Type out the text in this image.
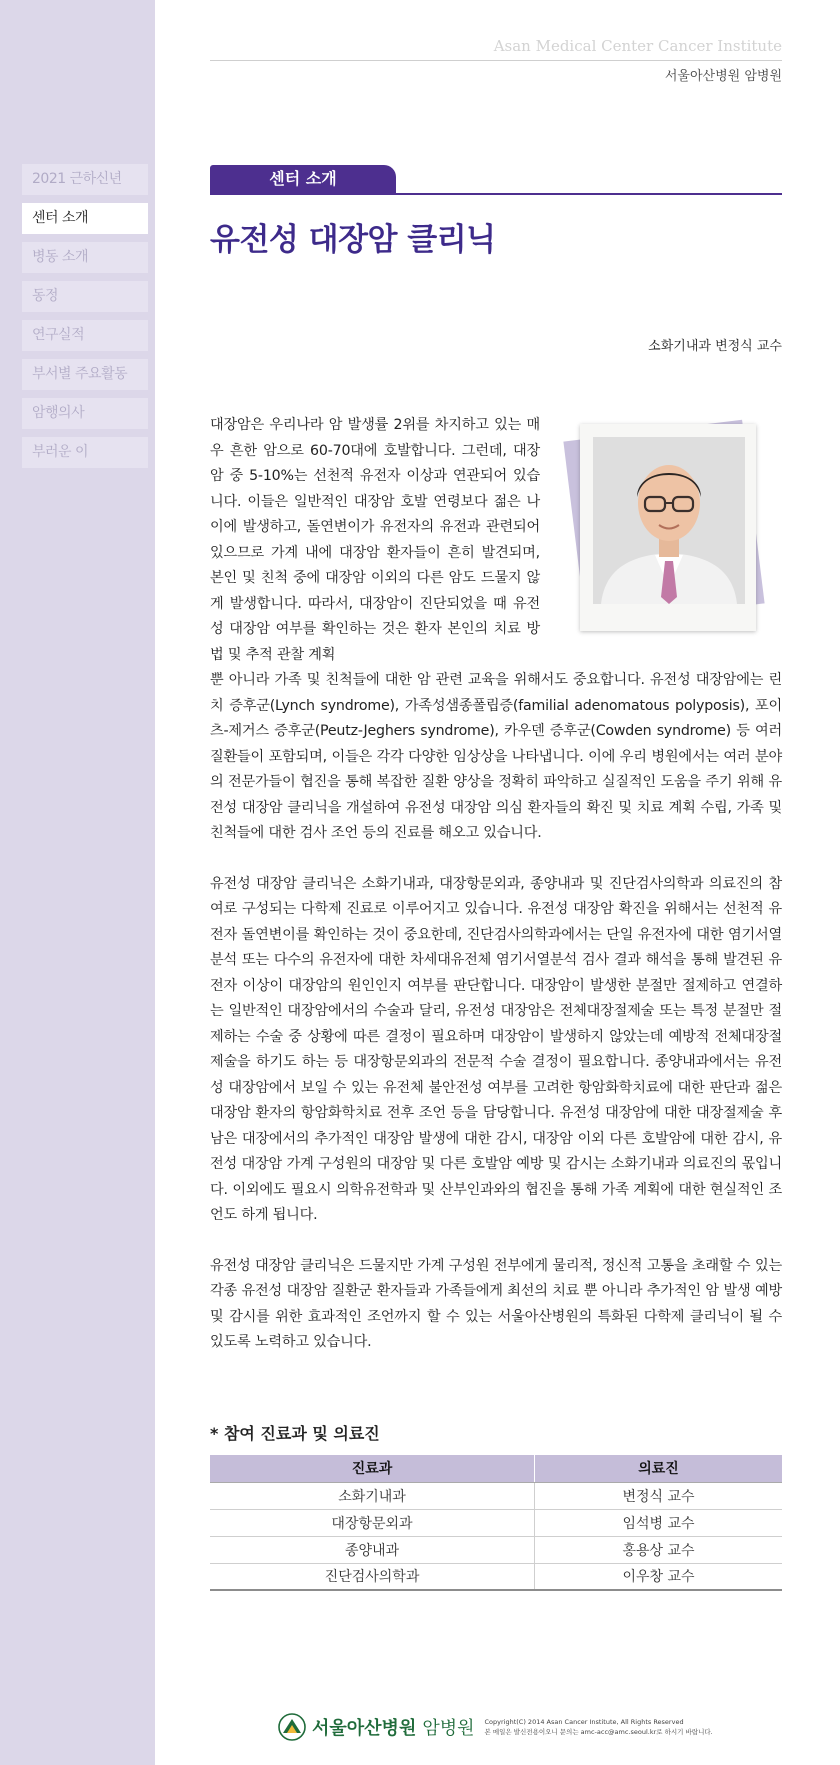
2021 근하신년
센터 소개
병동 소개
동정
연구실적
부서별 주요활동
암행의사
부러운 이
Asan Medical Center Cancer Institute
서울아산병원 암병원
센터 소개
유전성 대장암 클리닉
소화기내과 변정식 교수

대장암은 우리나라 암 발생률 2위를 차지하고 있는 매우 흔한 암으로 60-70대에 호발합니다. 그런데, 대장암 중 5-10%는 선천적 유전자 이상과 연관되어 있습니다. 이들은 일반적인 대장암 호발 연령보다 젊은 나이에 발생하고, 돌연변이가 유전자의 유전과 관련되어 있으므로 가계 내에 대장암 환자들이 흔히 발견되며, 본인 및 친척 중에 대장암 이외의 다른 암도 드물지 않게 발생합니다. 따라서, 대장암이 진단되었을 때 유전성 대장암 여부를 확인하는 것은 환자 본인의 치료 방법 및 추적 관찰 계획
뿐 아니라 가족 및 친척들에 대한 암 관련 교육을 위해서도 중요합니다. 유전성 대장암에는 린치 증후군(Lynch syndrome), 가족성샘종폴립증(familial adenomatous polyposis), 포이츠-제거스 증후군(Peutz-Jeghers syndrome), 카우덴 증후군(Cowden syndrome) 등 여러 질환들이 포함되며, 이들은 각각 다양한 임상상을 나타냅니다. 이에 우리 병원에서는 여러 분야의 전문가들이 협진을 통해 복잡한 질환 양상을 정확히 파악하고 실질적인 도움을 주기 위해 유전성 대장암 클리닉을 개설하여 유전성 대장암 의심 환자들의 확진 및 치료 계획 수립, 가족 및 친척들에 대한 검사 조언 등의 진료를 해오고 있습니다.

유전성 대장암 클리닉은 소화기내과, 대장항문외과, 종양내과 및 진단검사의학과 의료진의 참여로 구성되는 다학제 진료로 이루어지고 있습니다. 유전성 대장암 확진을 위해서는 선천적 유전자 돌연변이를 확인하는 것이 중요한데, 진단검사의학과에서는 단일 유전자에 대한 염기서열분석 또는 다수의 유전자에 대한 차세대유전체 염기서열분석 검사 결과 해석을 통해 발견된 유전자 이상이 대장암의 원인인지 여부를 판단합니다. 대장암이 발생한 분절만 절제하고 연결하는 일반적인 대장암에서의 수술과 달리, 유전성 대장암은 전체대장절제술 또는 특정 분절만 절제하는 수술 중 상황에 따른 결정이 필요하며 대장암이 발생하지 않았는데 예방적 전체대장절제술을 하기도 하는 등 대장항문외과의 전문적 수술 결정이 필요합니다. 종양내과에서는 유전성 대장암에서 보일 수 있는 유전체 불안전성 여부를 고려한 항암화학치료에 대한 판단과 젊은 대장암 환자의 항암화학치료 전후 조언 등을 담당합니다. 유전성 대장암에 대한 대장절제술 후 남은 대장에서의 추가적인 대장암 발생에 대한 감시, 대장암 이외 다른 호발암에 대한 감시, 유전성 대장암 가계 구성원의 대장암 및 다른 호발암 예방 및 감시는 소화기내과 의료진의 몫입니다. 이외에도 필요시 의학유전학과 및 산부인과와의 협진을 통해 가족 계획에 대한 현실적인 조언도 하게 됩니다.

유전성 대장암 클리닉은 드물지만 가계 구성원 전부에게 물리적, 정신적 고통을 초래할 수 있는 각종 유전성 대장암 질환군 환자들과 가족들에게 최선의 치료 뿐 아니라 추가적인 암 발생 예방 및 감시를 위한 효과적인 조언까지 할 수 있는 서울아산병원의 특화된 다학제 클리닉이 될 수 있도록 노력하고 있습니다.

* 참여 진료과 및 의료진
진료과	의료진
소화기내과	변정식 교수
대장항문외과	임석병 교수
종양내과	홍용상 교수
진단검사의학과	이우창 교수
서울아산병원 암병원 Copyright(C) 2014 Asan Cancer Institute, All Rights Reserved
본 메일은 발신전용이오니 문의는 amc-acc@amc.seoul.kr로 하시기 바랍니다.
